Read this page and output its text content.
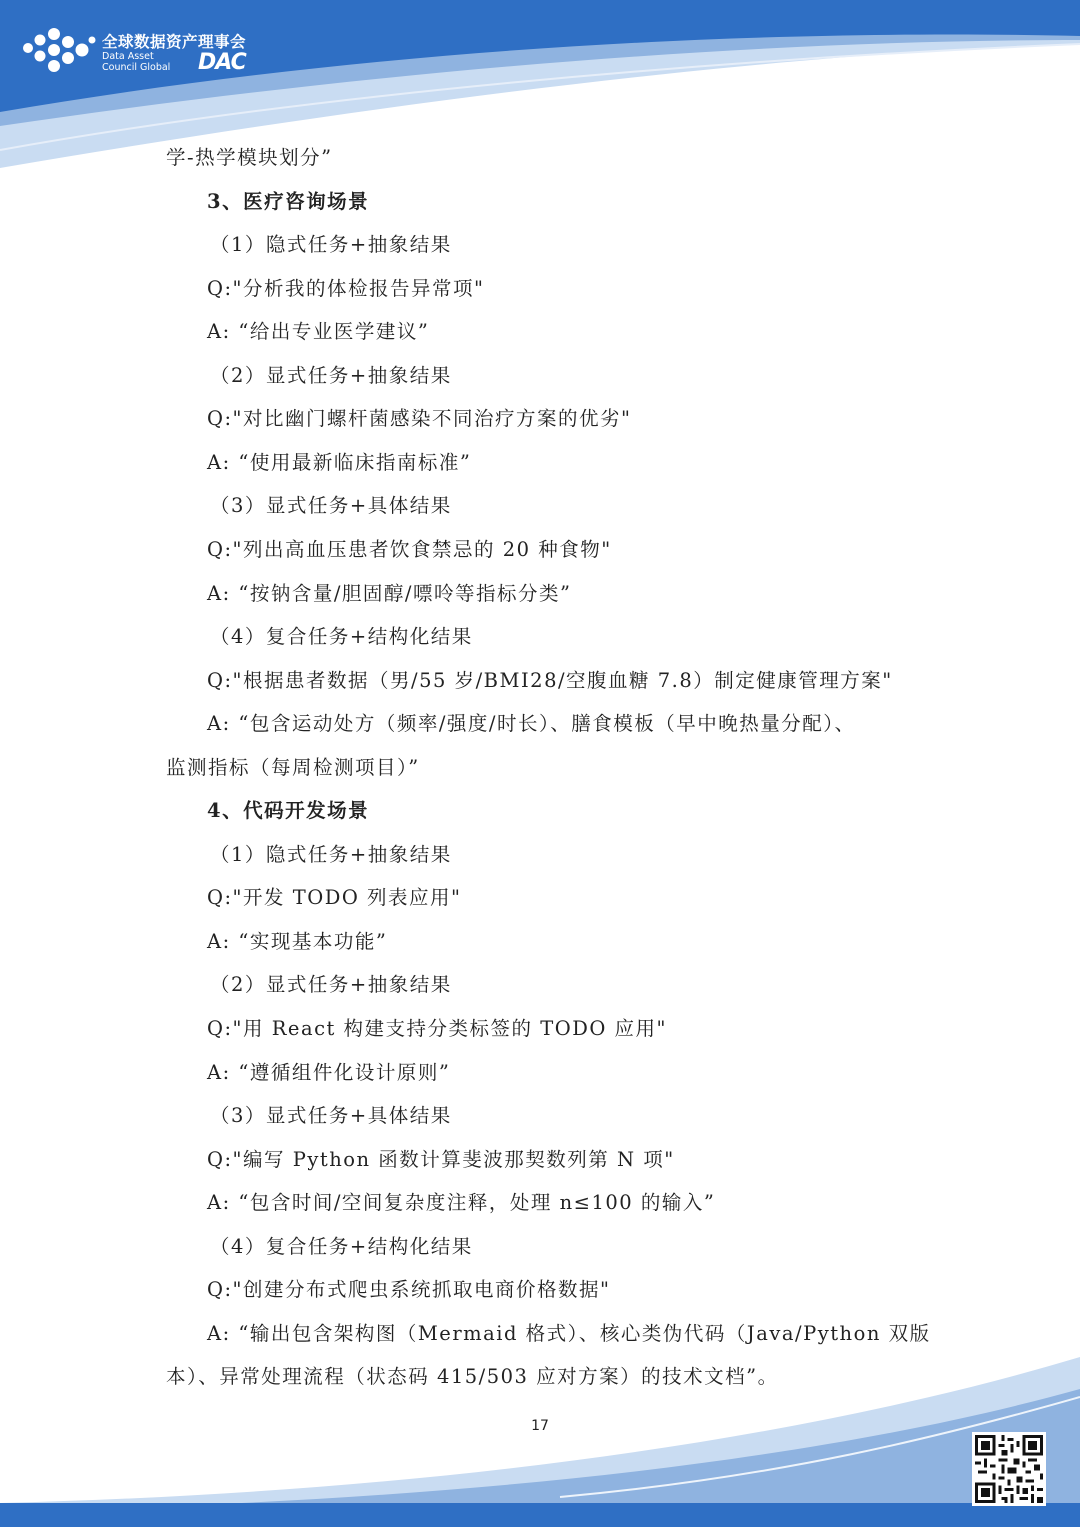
全球数据资产理事会
Data Asset
Council Global DAC
学-热学模块划分”
3、医疗咨询场景
（1）隐式任务+抽象结果
Q:"分析我的体检报告异常项"
A: “给出专业医学建议”
（2）显式任务+抽象结果
Q:"对比幽门螺杆菌感染不同治疗方案的优劣"
A: “使用最新临床指南标准”
（3）显式任务+具体结果
Q:"列出高血压患者饮食禁忌的 20 种食物"
A: “按钠含量/胆固醇/嘌呤等指标分类”
（4）复合任务+结构化结果
Q:"根据患者数据（男/55 岁/BMI28/空腹血糖 7.8）制定健康管理方案"
A: “包含运动处方（频率/强度/时长）、膳食模板（早中晚热量分配）、
监测指标（每周检测项目）”
4、代码开发场景
（1）隐式任务+抽象结果
Q:"开发 TODO 列表应用"
A: “实现基本功能”
（2）显式任务+抽象结果
Q:"用 React 构建支持分类标签的 TODO 应用"
A: “遵循组件化设计原则”
（3）显式任务+具体结果
Q:"编写 Python 函数计算斐波那契数列第 N 项"
A: “包含时间/空间复杂度注释，处理 n≤100 的输入”
（4）复合任务+结构化结果
Q:"创建分布式爬虫系统抓取电商价格数据"
A: “输出包含架构图（Mermaid 格式）、核心类伪代码（Java/Python 双版
本）、异常处理流程（状态码 415/503 应对方案）的技术文档”。
17
